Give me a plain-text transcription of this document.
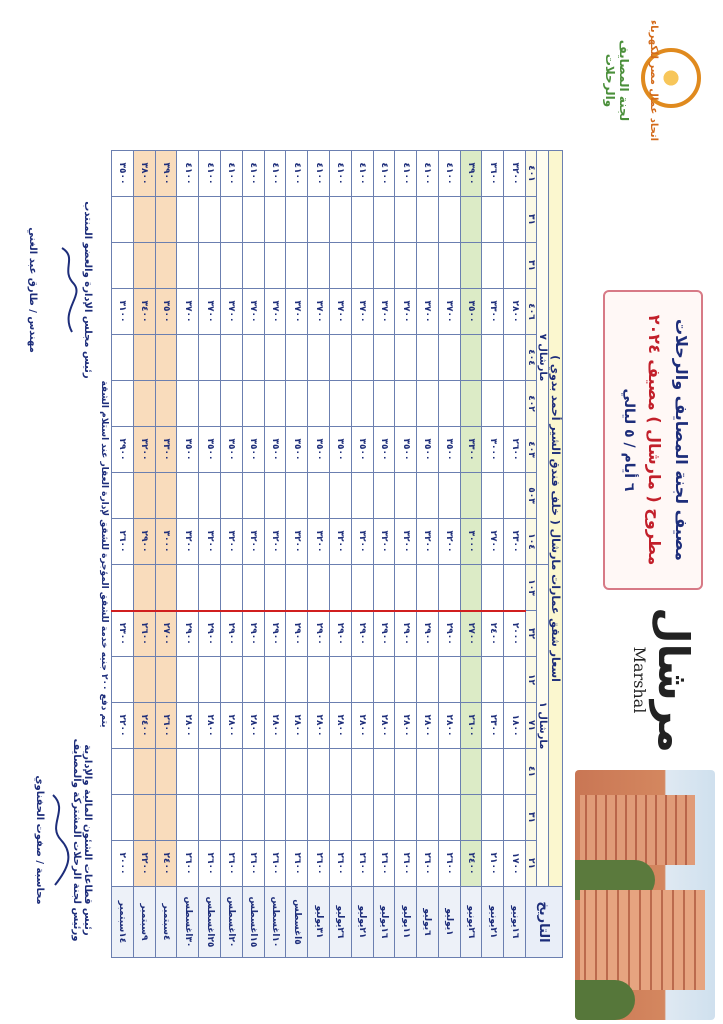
اتحاد عمال مصر للكهرباء
لجنة المصايف والرحلات
مصيف لجنة المصايف والرحلات
مطروح ( مارشال ) مصيف ٢٠٢٤
٦ أيام / ٥ ليالي
مرشال
Marshal
التاريخ	اسعار شقق عمارات مارشال ( خلف فندق الشير أحمد بدوي )															
	مارشال ١							مارشال ٧								
	٢١	٣١	٤١	٧١	١٢	٣٢	١٠٣	١٠٤	٥٠٣	٤٠٣	٤٠٢	٤٠٤	٤٠٦	٣١	٣١	٤٠١
١٦يونيو	١٧٠٠			١٨٠٠		٢٠٠٠		٢٣٠٠		٢٦٠٠			٢٨٠٠			٣٢٠٠
٢١يونيو	٢١٠٠			٢٣٠٠		٢٤٠٠		٢٧٠٠		٣٠٠٠			٣٣٠٠			٣٦٠٠
٢٦يونيو	٢٤٠٠			٢٦٠٠		٢٧٠٠		٣٠٠٠		٣٣٠٠			٣٥٠٠			٣٩٠٠
١يوليو	٢٦٠٠			٢٨٠٠		٢٩٠٠		٣٢٠٠		٣٥٠٠			٣٧٠٠			٤١٠٠
٦يوليو	٢٦٠٠			٢٨٠٠		٢٩٠٠		٣٢٠٠		٣٥٠٠			٣٧٠٠			٤١٠٠
١١يوليو	٢٦٠٠			٢٨٠٠		٢٩٠٠		٣٢٠٠		٣٥٠٠			٣٧٠٠			٤١٠٠
١٦يوليو	٢٦٠٠			٢٨٠٠		٢٩٠٠		٣٢٠٠		٣٥٠٠			٣٧٠٠			٤١٠٠
٢١يوليو	٢٦٠٠			٢٨٠٠		٢٩٠٠		٣٢٠٠		٣٥٠٠			٣٧٠٠			٤١٠٠
٢٦يوليو	٢٦٠٠			٢٨٠٠		٢٩٠٠		٣٢٠٠		٣٥٠٠			٣٧٠٠			٤١٠٠
٣١يوليو	٢٦٠٠			٢٨٠٠		٢٩٠٠		٣٢٠٠		٣٥٠٠			٣٧٠٠			٤١٠٠
٥اغسطس	٢٦٠٠			٢٨٠٠		٢٩٠٠		٣٢٠٠		٣٥٠٠			٣٧٠٠			٤١٠٠
١٠اغسطس	٢٦٠٠			٢٨٠٠		٢٩٠٠		٣٢٠٠		٣٥٠٠			٣٧٠٠			٤١٠٠
١٥اغسطس	٢٦٠٠			٢٨٠٠		٢٩٠٠		٣٢٠٠		٣٥٠٠			٣٧٠٠			٤١٠٠
٢٠اغسطس	٢٦٠٠			٢٨٠٠		٢٩٠٠		٣٢٠٠		٣٥٠٠			٣٧٠٠			٤١٠٠
٢٥اغسطس	٢٦٠٠			٢٨٠٠		٢٩٠٠		٣٢٠٠		٣٥٠٠			٣٧٠٠			٤١٠٠
٣٠اغسطس	٢٦٠٠			٢٨٠٠		٢٩٠٠		٣٢٠٠		٣٥٠٠			٣٧٠٠			٤١٠٠
٤سبتمبر	٢٤٠٠			٢٦٠٠		٢٧٠٠		٣٠٠٠		٣٣٠٠			٣٥٠٠			٣٩٠٠
٩سبتمبر	٢٢٠٠			٢٤٠٠		٢٦٠٠		٢٩٠٠		٣٢٠٠			٣٤٠٠			٣٨٠٠
١٤سبتمبر	٢٠٠٠			٢٢٠٠		٢٣٠٠		٢٦٠٠		٢٩٠٠			٣١٠٠			٣٥٠٠
يتم دفع ٢٠٠ جنيه خدمة للشقق المؤجرة للشقق لإدارة العقار عند استلام الشقة
رئيس قطاعات الشئون المالية والإدارية
ورئيس لجنة الرحلات المشتركة والمصايف
محاسبة / صفوت الحفناوي
رئيس مجلس الإدارة والعضو المنتدب
مهندس / طارق عبد الغني
